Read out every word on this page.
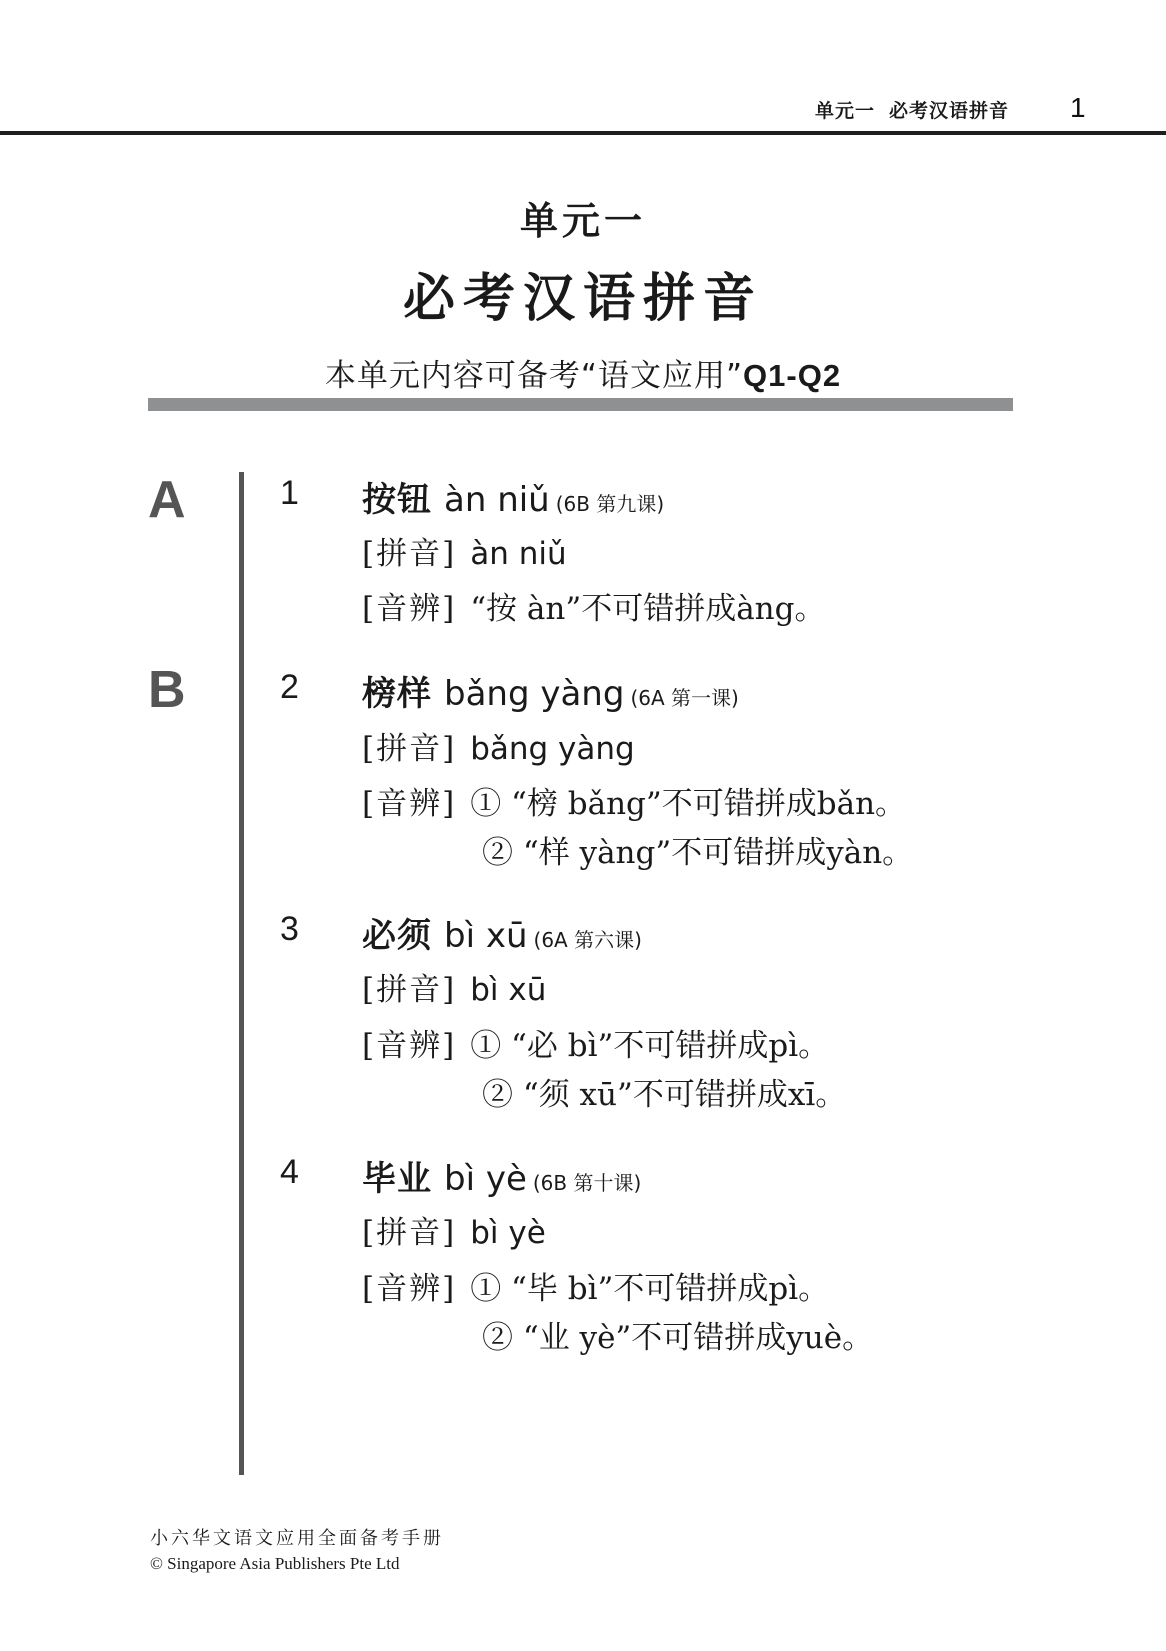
单元一 必考汉语拼音 1
单元一
必考汉语拼音
本单元内容可备考“语文应用”Q1-Q2
A
B
1 按钮 àn niǔ (6B 第九课)
[拼音] àn niǔ
[音辨] “按 àn”不可错拼成àng。
2 榜样 bǎng yàng (6A 第一课)
[拼音] bǎng yàng
[音辨] ① “榜 bǎng”不可错拼成bǎn。
② “样 yàng”不可错拼成yàn。
3 必须 bì xū (6A 第六课)
[拼音] bì xū
[音辨] ① “必 bì”不可错拼成pì。
② “须 xū”不可错拼成xī。
4 毕业 bì yè (6B 第十课)
[拼音] bì yè
[音辨] ① “毕 bì”不可错拼成pì。
② “业 yè”不可错拼成yuè。
小六华文语文应用全面备考手册
© Singapore Asia Publishers Pte Ltd
